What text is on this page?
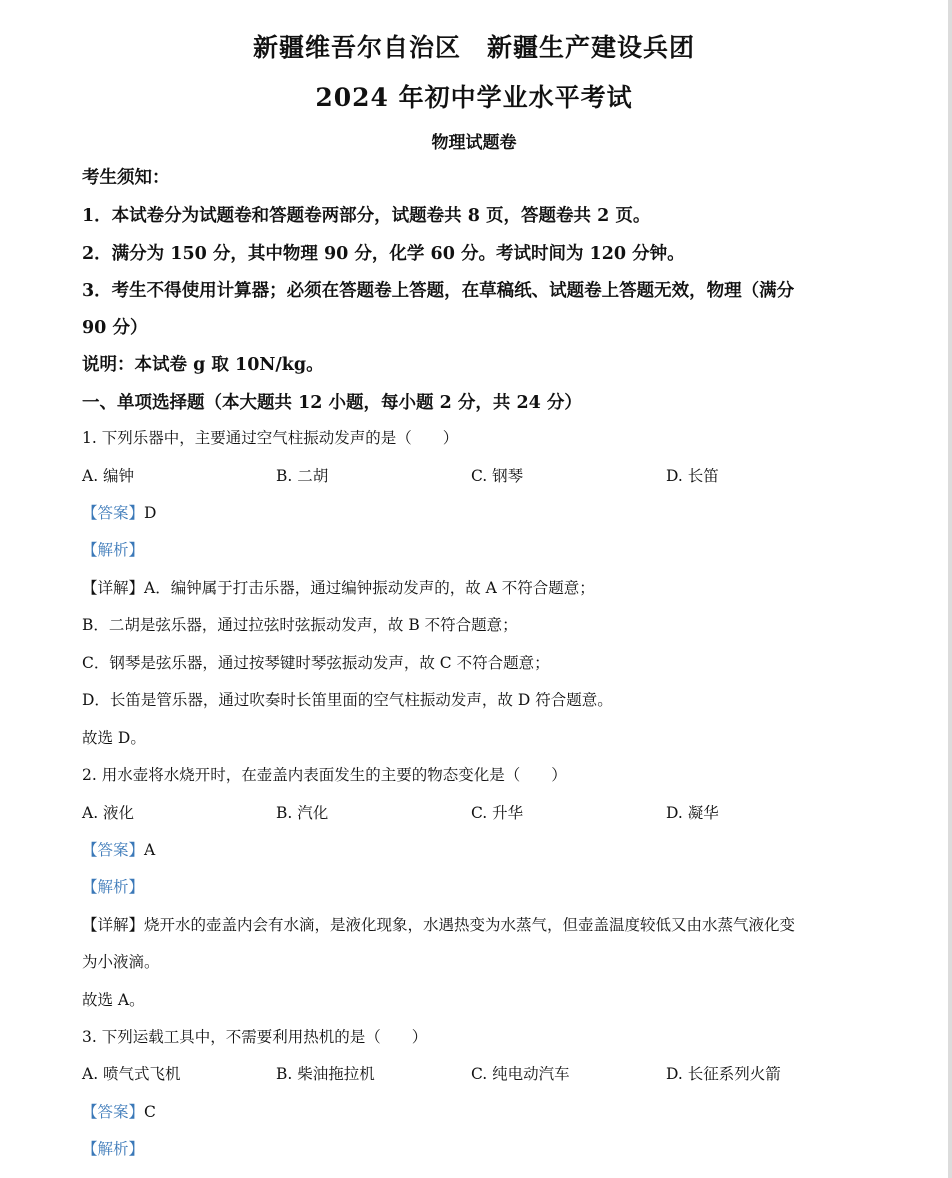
新疆维吾尔自治区　新疆生产建设兵团
2024 年初中学业水平考试
物理试题卷
考生须知：
1．本试卷分为试题卷和答题卷两部分，试题卷共 8 页，答题卷共 2 页。
2．满分为 150 分，其中物理 90 分，化学 60 分。考试时间为 120 分钟。
3．考生不得使用计算器；必须在答题卷上答题，在草稿纸、试题卷上答题无效，物理（满分
90 分）
说明：本试卷 g 取 10N/kg。
一、单项选择题（本大题共 12 小题，每小题 2 分，共 24 分）
1. 下列乐器中，主要通过空气柱振动发声的是（　　）
A. 编钟	B. 二胡	C. 钢琴	D. 长笛
【答案】D
【解析】
【详解】A．编钟属于打击乐器，通过编钟振动发声的，故 A 不符合题意；
B．二胡是弦乐器，通过拉弦时弦振动发声，故 B 不符合题意；
C．钢琴是弦乐器，通过按琴键时琴弦振动发声，故 C 不符合题意；
D．长笛是管乐器，通过吹奏时长笛里面的空气柱振动发声，故 D 符合题意。
故选 D。
2. 用水壶将水烧开时，在壶盖内表面发生的主要的物态变化是（　　）
A. 液化	B. 汽化	C. 升华	D. 凝华
【答案】A
【解析】
【详解】烧开水的壶盖内会有水滴，是液化现象，水遇热变为水蒸气，但壶盖温度较低又由水蒸气液化变
为小液滴。
故选 A。
3. 下列运载工具中，不需要利用热机的是（　　）
A. 喷气式飞机	B. 柴油拖拉机	C. 纯电动汽车	D. 长征系列火箭
【答案】C
【解析】
